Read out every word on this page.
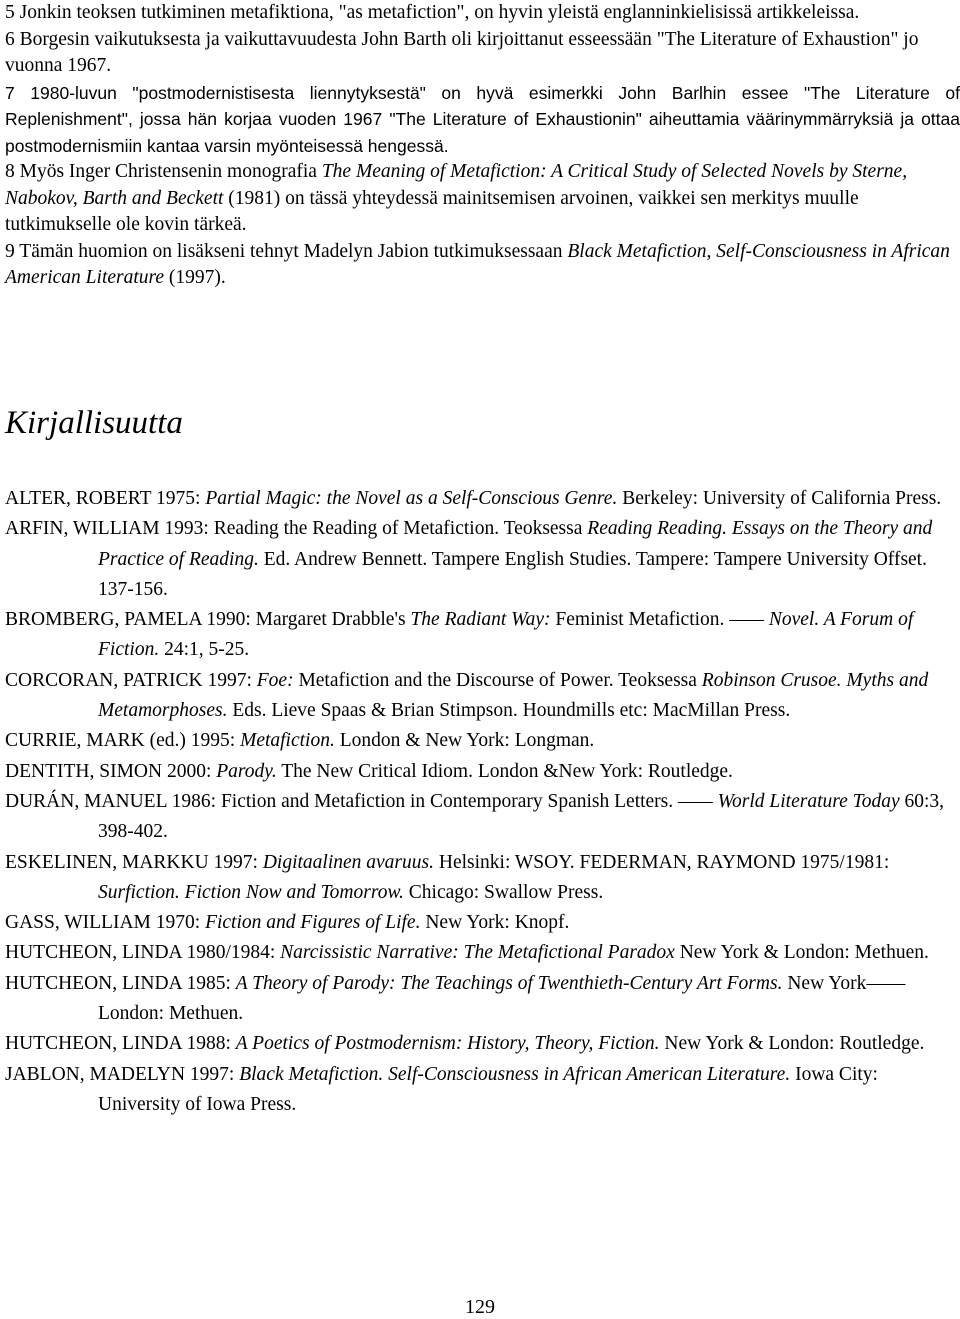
5 Jonkin teoksen tutkiminen metafiktiona, "as metafiction", on hyvin yleistä englanninkielisissä artikkeleissa.

6 Borgesin vaikutuksesta ja vaikuttavuudesta John Barth oli kirjoittanut esseessään "The Literature of Exhaustion" jo vuonna 1967.

7 1980-luvun "postmodernistisesta liennytyksestä" on hyvä esimerkki John Barlhin essee "The Literature of Replenishment", jossa hän korjaa vuoden 1967 "The Literature of Exhaustionin" aiheuttamia väärinymmärryksiä ja ottaa postmodernismiin kantaa varsin myönteisessä hengessä.

8 Myös Inger Christensenin monografia The Meaning of Metafiction: A Critical Study of Selected Novels by Sterne, Nabokov, Barth and Beckett (1981) on tässä yhteydessä mainitsemisen arvoinen, vaikkei sen merkitys muulle tutkimukselle ole kovin tärkeä.

9 Tämän huomion on lisäkseni tehnyt Madelyn Jabion tutkimuksessaan Black Metafiction, Self-Consciousness in African American Literature (1997).

Kirjallisuutta

ALTER, ROBERT 1975: Partial Magic: the Novel as a Self-Conscious Genre. Berkeley: University of California Press.

ARFIN, WILLIAM 1993: Reading the Reading of Metafiction. Teoksessa Reading Reading. Essays on the Theory and Practice of Reading. Ed. Andrew Bennett. Tampere English Studies. Tampere: Tampere University Offset. 137-156.

BROMBERG, PAMELA 1990: Margaret Drabble's The Radiant Way: Feminist Metafiction. —— Novel. A Forum of Fiction. 24:1, 5-25.

CORCORAN, PATRICK 1997: Foe: Metafiction and the Discourse of Power. Teoksessa Robinson Crusoe. Myths and Metamorphoses. Eds. Lieve Spaas & Brian Stimpson. Houndmills etc: MacMillan Press.

CURRIE, MARK (ed.) 1995: Metafiction. London & New York: Longman.

DENTITH, SIMON 2000: Parody. The New Critical Idiom. London &New York: Routledge.

DURÁN, MANUEL 1986: Fiction and Metafiction in Contemporary Spanish Letters. —— World Literature Today 60:3, 398-402.

ESKELINEN, MARKKU 1997: Digitaalinen avaruus. Helsinki: WSOY. FEDERMAN, RAYMOND 1975/1981: Surfiction. Fiction Now and Tomorrow. Chicago: Swallow Press.

GASS, WILLIAM 1970: Fiction and Figures of Life. New York: Knopf.

HUTCHEON, LINDA 1980/1984: Narcissistic Narrative: The Metafictional Paradox New York & London: Methuen.

HUTCHEON, LINDA 1985: A Theory of Parody: The Teachings of Twenthieth-Century Art Forms. New York——London: Methuen.

HUTCHEON, LINDA 1988: A Poetics of Postmodernism: History, Theory, Fiction. New York & London: Routledge.

JABLON, MADELYN 1997: Black Metafiction. Self-Consciousness in African American Literature. Iowa City: University of Iowa Press.

129
